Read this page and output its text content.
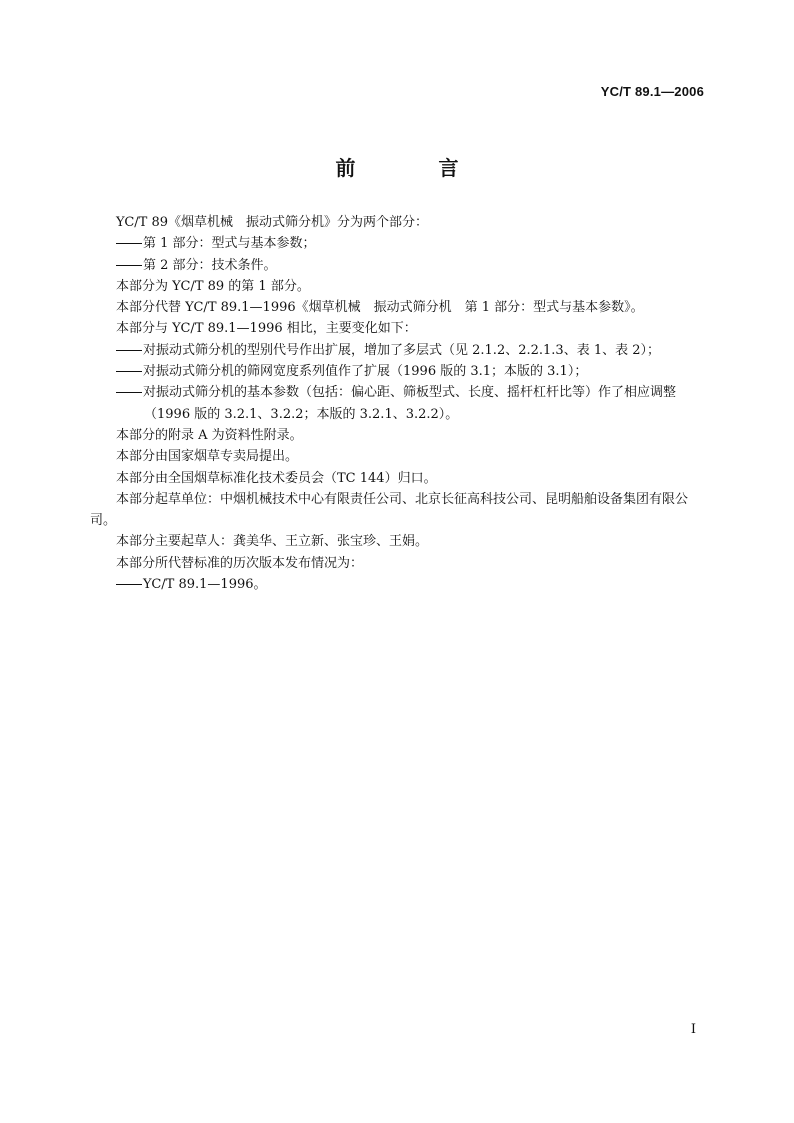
YC/T 89.1—2006
前 言

YC/T 89《烟草机械　振动式筛分机》分为两个部分：

第 1 部分：型式与基本参数；

第 2 部分：技术条件。

本部分为 YC/T 89 的第 1 部分。

本部分代替 YC/T 89.1—1996《烟草机械　振动式筛分机　第 1 部分：型式与基本参数》。

本部分与 YC/T 89.1—1996 相比，主要变化如下：

对振动式筛分机的型别代号作出扩展，增加了多层式（见 2.1.2、2.2.1.3、表 1、表 2）；

对振动式筛分机的筛网宽度系列值作了扩展（1996 版的 3.1；本版的 3.1）；

对振动式筛分机的基本参数（包括：偏心距、筛板型式、长度、摇杆杠杆比等）作了相应调整（1996 版的 3.2.1、3.2.2；本版的 3.2.1、3.2.2）。

本部分的附录 A 为资料性附录。

本部分由国家烟草专卖局提出。

本部分由全国烟草标准化技术委员会（TC 144）归口。

本部分起草单位：中烟机械技术中心有限责任公司、北京长征高科技公司、昆明船舶设备集团有限公司。

本部分主要起草人：龚美华、王立新、张宝珍、王娟。

本部分所代替标准的历次版本发布情况为：

YC/T 89.1—1996。

I
